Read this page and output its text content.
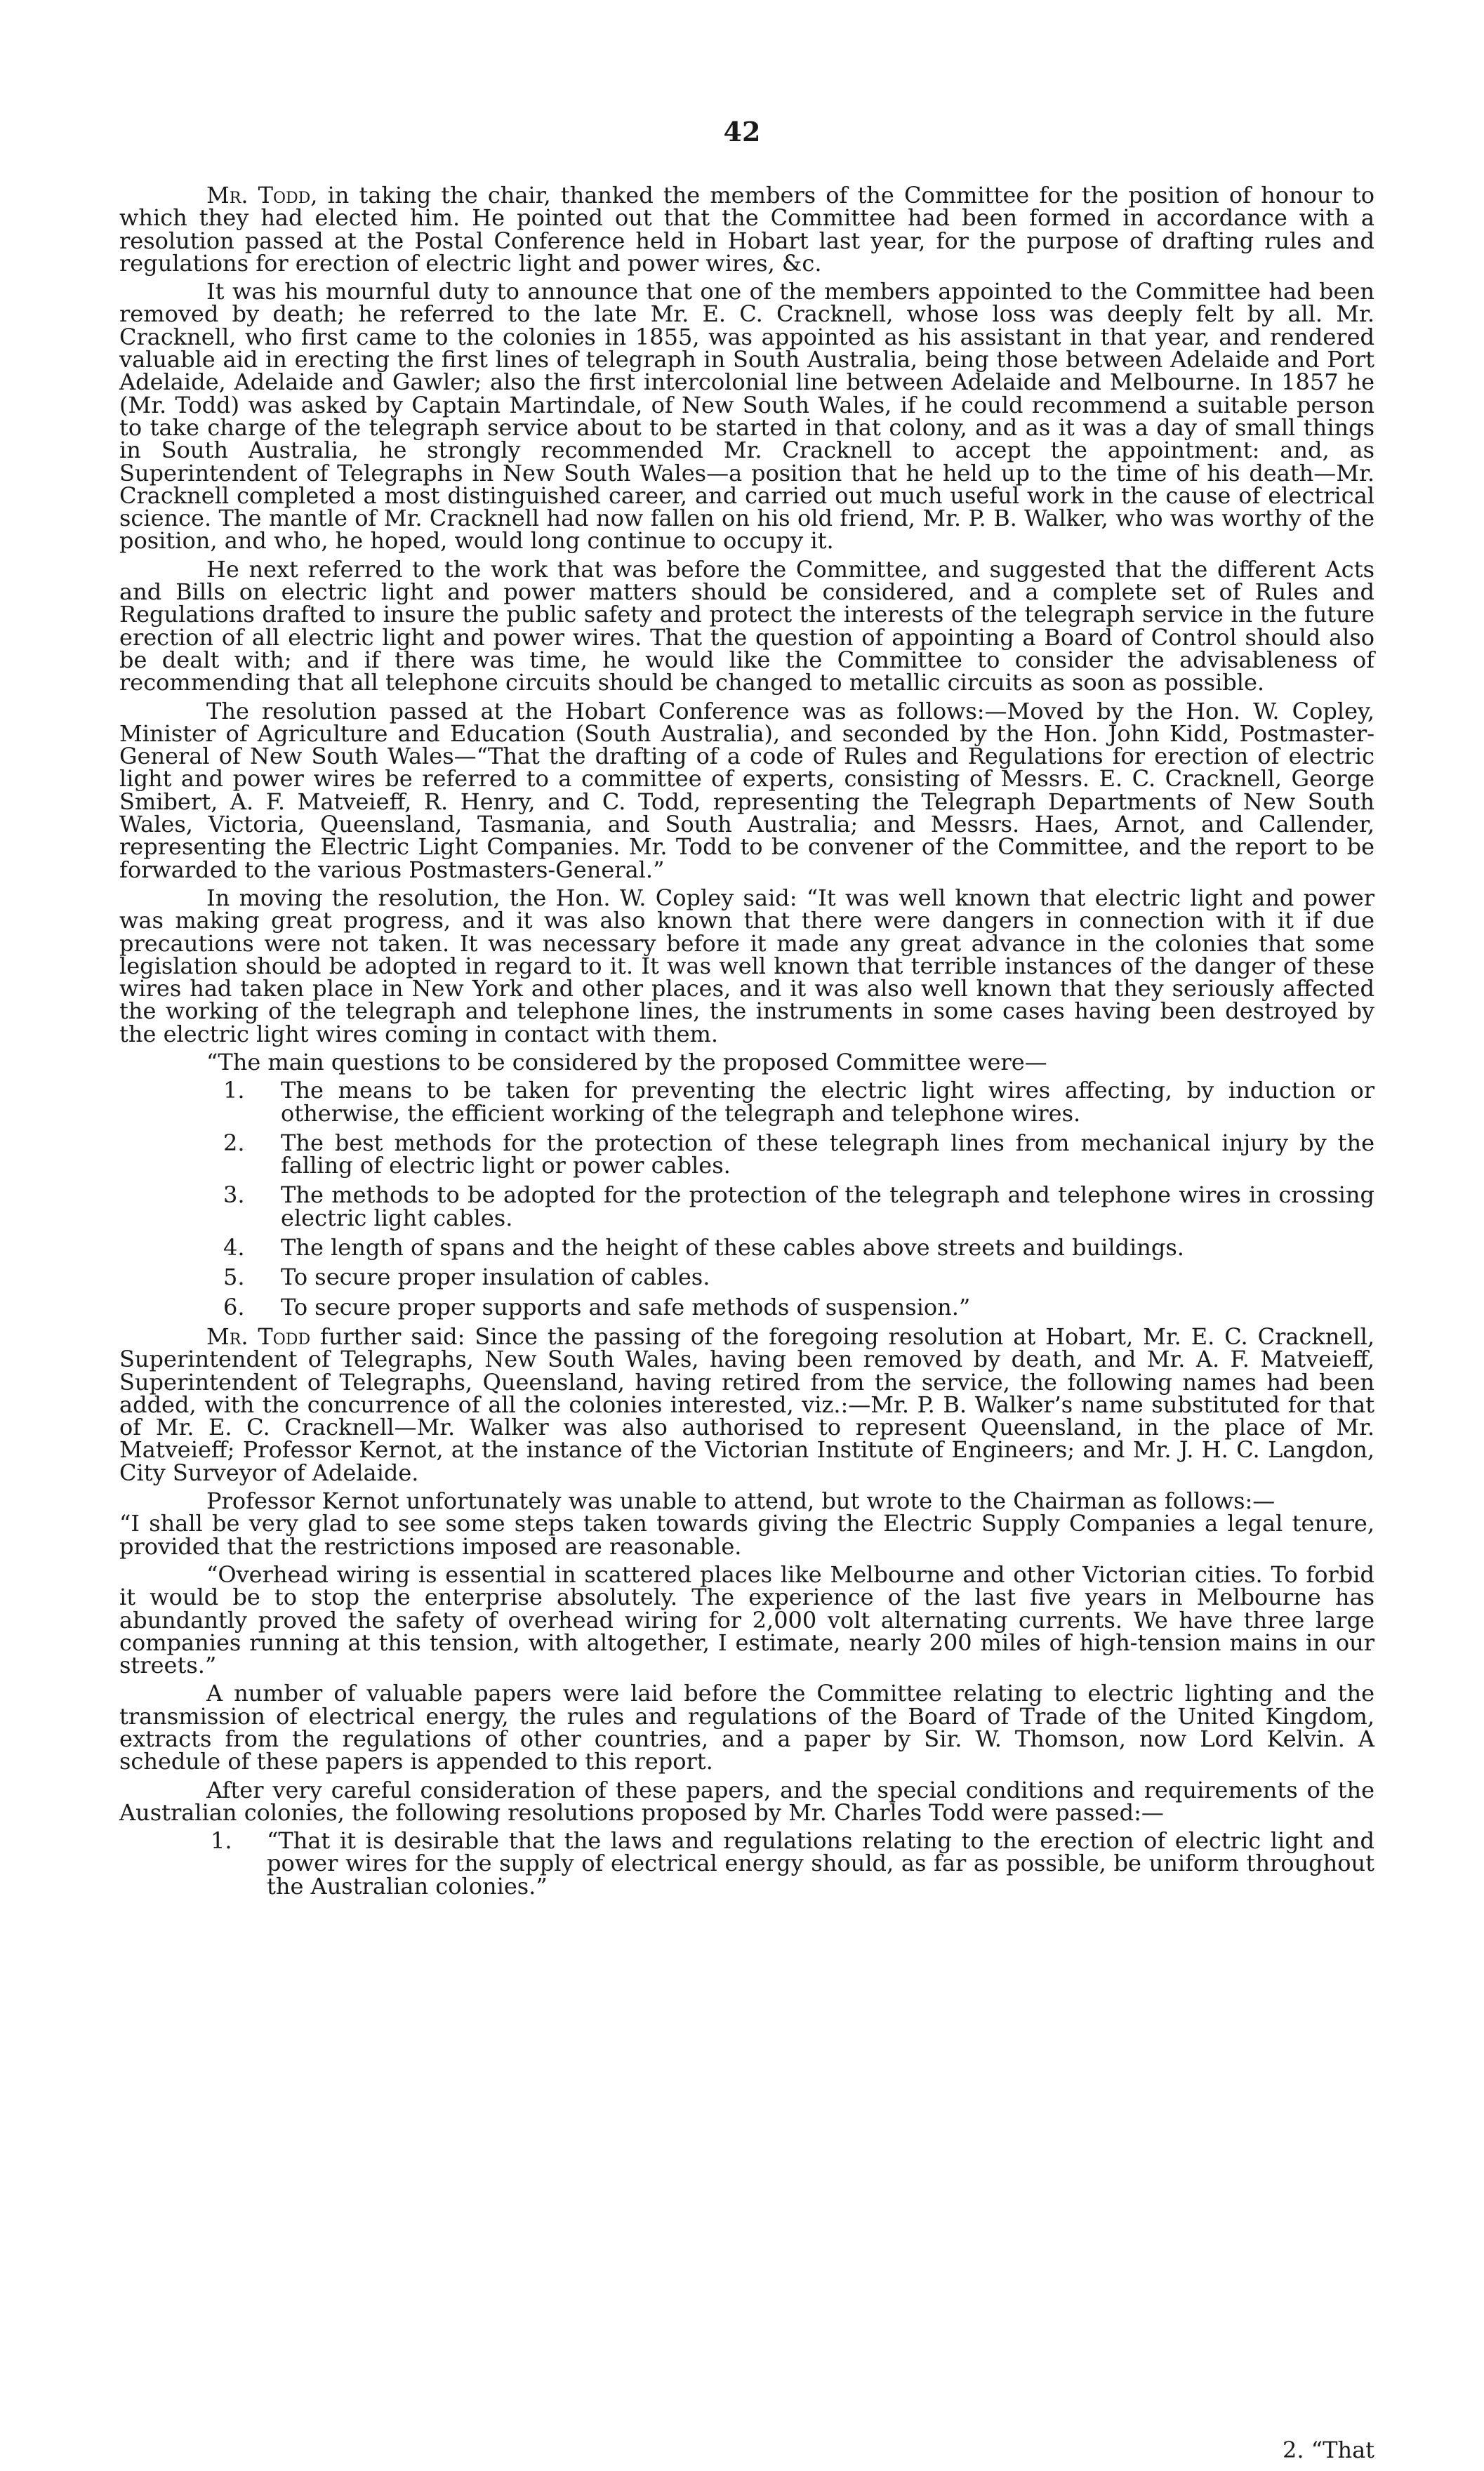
42

Mr. Todd, in taking the chair, thanked the members of the Committee for the position of honour to which they had elected him. He pointed out that the Committee had been formed in accordance with a resolution passed at the Postal Conference held in Hobart last year, for the purpose of drafting rules and regulations for erection of electric light and power wires, &c.

It was his mournful duty to announce that one of the members appointed to the Committee had been removed by death; he referred to the late Mr. E. C. Cracknell, whose loss was deeply felt by all. Mr. Cracknell, who first came to the colonies in 1855, was appointed as his assistant in that year, and rendered valuable aid in erecting the first lines of telegraph in South Australia, being those between Adelaide and Port Adelaide, Adelaide and Gawler; also the first intercolonial line between Adelaide and Melbourne. In 1857 he (Mr. Todd) was asked by Captain Martindale, of New South Wales, if he could recommend a suitable person to take charge of the telegraph service about to be started in that colony, and as it was a day of small things in South Australia, he strongly recommended Mr. Cracknell to accept the appointment: and, as Superintendent of Telegraphs in New South Wales—a position that he held up to the time of his death—Mr. Cracknell completed a most distinguished career, and carried out much useful work in the cause of electrical science. The mantle of Mr. Cracknell had now fallen on his old friend, Mr. P. B. Walker, who was worthy of the position, and who, he hoped, would long continue to occupy it.

He next referred to the work that was before the Committee, and suggested that the different Acts and Bills on electric light and power matters should be considered, and a complete set of Rules and Regulations drafted to insure the public safety and protect the interests of the telegraph service in the future erection of all electric light and power wires. That the question of appointing a Board of Control should also be dealt with; and if there was time, he would like the Committee to consider the advisableness of recommending that all telephone circuits should be changed to metallic circuits as soon as possible.

The resolution passed at the Hobart Conference was as follows:—Moved by the Hon. W. Copley, Minister of Agriculture and Education (South Australia), and seconded by the Hon. John Kidd, Postmaster-General of New South Wales—“That the drafting of a code of Rules and Regulations for erection of electric light and power wires be referred to a committee of experts, consisting of Messrs. E. C. Cracknell, George Smibert, A. F. Matveieff, R. Henry, and C. Todd, representing the Telegraph Departments of New South Wales, Victoria, Queensland, Tasmania, and South Australia; and Messrs. Haes, Arnot, and Callender, representing the Electric Light Companies. Mr. Todd to be convener of the Committee, and the report to be forwarded to the various Postmasters-General.”

In moving the resolution, the Hon. W. Copley said: “It was well known that electric light and power was making great progress, and it was also known that there were dangers in connection with it if due precautions were not taken. It was necessary before it made any great advance in the colonies that some legislation should be adopted in regard to it. It was well known that terrible instances of the danger of these wires had taken place in New York and other places, and it was also well known that they seriously affected the working of the telegraph and telephone lines, the instruments in some cases having been destroyed by the electric light wires coming in contact with them.

“The main questions to be considered by the proposed Committee were—

1. The means to be taken for preventing the electric light wires affecting, by induction or otherwise, the efficient working of the telegraph and telephone wires.
2. The best methods for the protection of these telegraph lines from mechanical injury by the falling of electric light or power cables.
3. The methods to be adopted for the protection of the telegraph and telephone wires in crossing electric light cables.
4. The length of spans and the height of these cables above streets and buildings.
5. To secure proper insulation of cables.
6. To secure proper supports and safe methods of suspension.”

Mr. Todd further said: Since the passing of the foregoing resolution at Hobart, Mr. E. C. Cracknell, Superintendent of Telegraphs, New South Wales, having been removed by death, and Mr. A. F. Matveieff, Superintendent of Telegraphs, Queensland, having retired from the service, the following names had been added, with the concurrence of all the colonies interested, viz.:—Mr. P. B. Walker’s name substituted for that of Mr. E. C. Cracknell—Mr. Walker was also authorised to represent Queensland, in the place of Mr. Matveieff; Professor Kernot, at the instance of the Victorian Institute of Engineers; and Mr. J. H. C. Langdon, City Surveyor of Adelaide.

Professor Kernot unfortunately was unable to attend, but wrote to the Chairman as follows:—

“I shall be very glad to see some steps taken towards giving the Electric Supply Companies a legal tenure, provided that the restrictions imposed are reasonable.

“Overhead wiring is essential in scattered places like Melbourne and other Victorian cities. To forbid it would be to stop the enterprise absolutely. The experience of the last five years in Melbourne has abundantly proved the safety of overhead wiring for 2,000 volt alternating currents. We have three large companies running at this tension, with altogether, I estimate, nearly 200 miles of high-tension mains in our streets.”

A number of valuable papers were laid before the Committee relating to electric lighting and the transmission of electrical energy, the rules and regulations of the Board of Trade of the United Kingdom, extracts from the regulations of other countries, and a paper by Sir. W. Thomson, now Lord Kelvin. A schedule of these papers is appended to this report.

After very careful consideration of these papers, and the special conditions and requirements of the Australian colonies, the following resolutions proposed by Mr. Charles Todd were passed:—

1. “That it is desirable that the laws and regulations relating to the erection of electric light and power wires for the supply of electrical energy should, as far as possible, be uniform throughout the Australian colonies.”
2. “That
